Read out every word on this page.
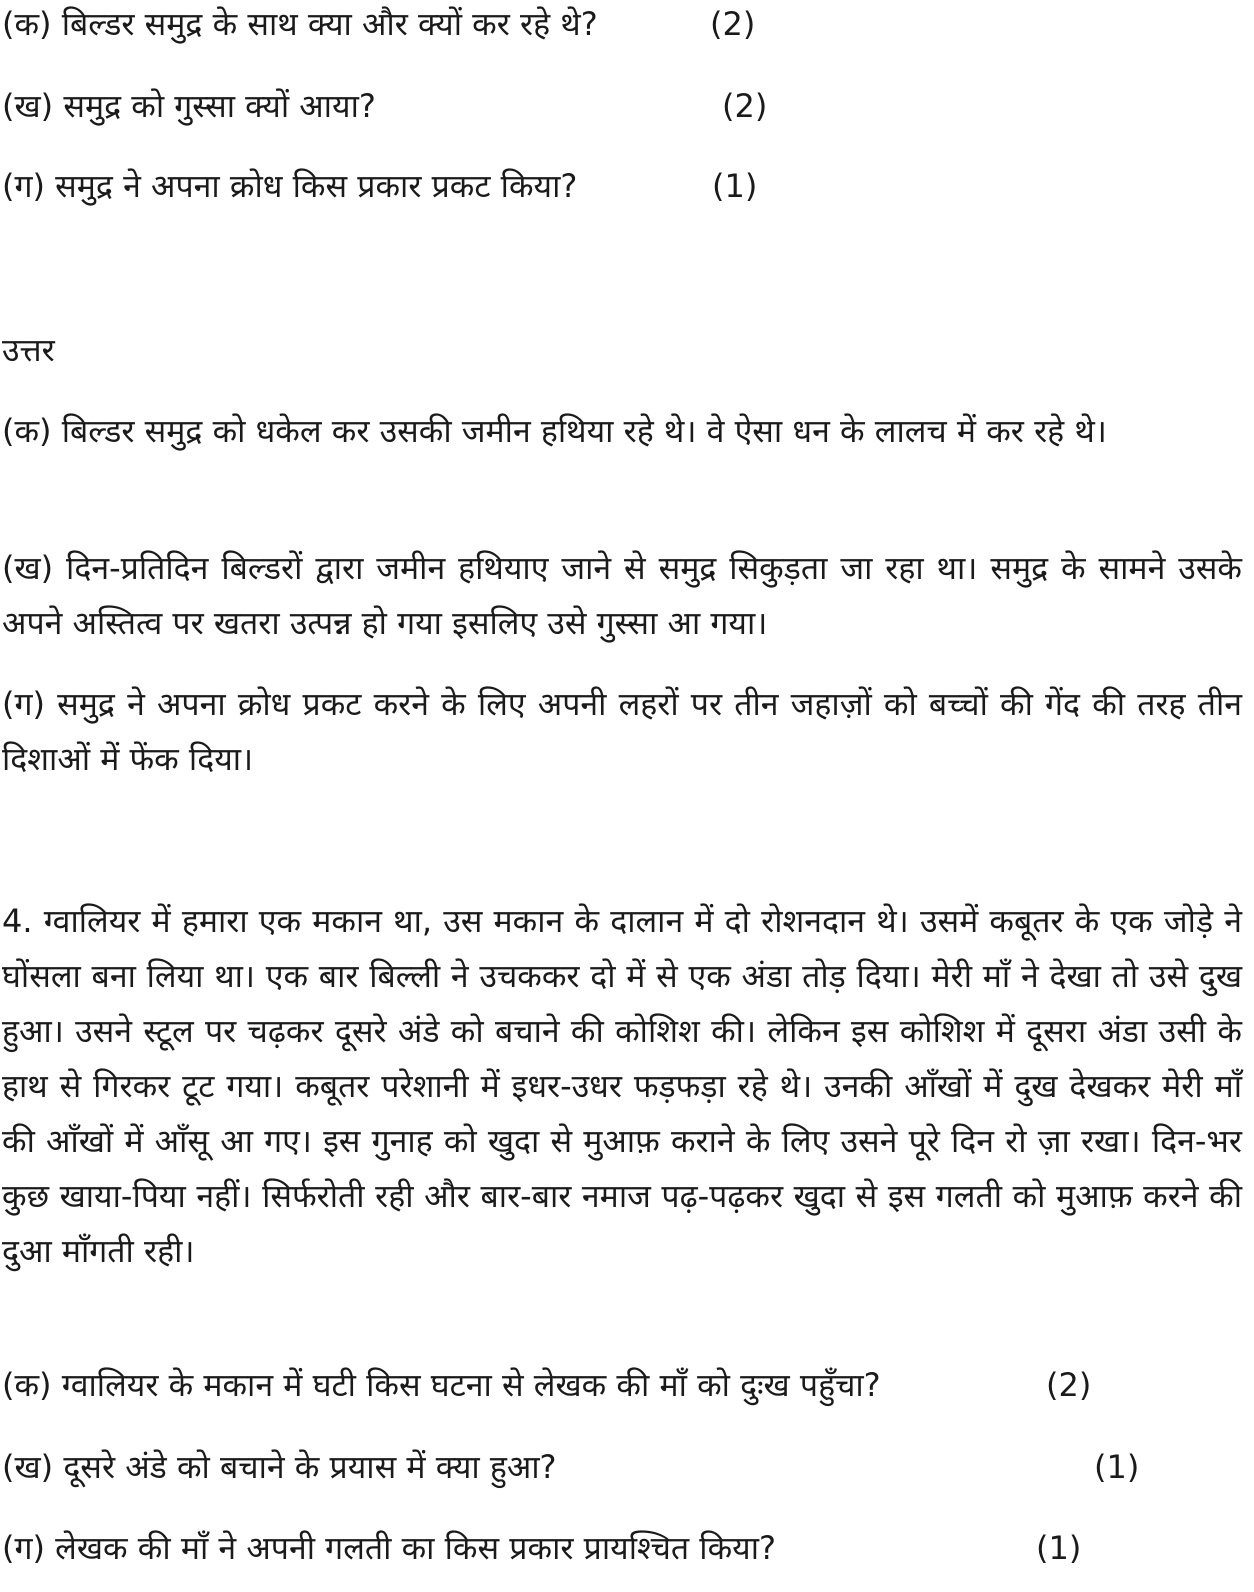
(क) बिल्डर समुद्र के साथ क्या और क्यों कर रहे थे?	(2)
(ख) समुद्र को गुस्सा क्यों आया?	(2)
(ग) समुद्र ने अपना क्रोध किस प्रकार प्रकट किया?	(1)
उत्तर
(क) बिल्डर समुद्र को धकेल कर उसकी जमीन हथिया रहे थे। वे ऐसा धन के लालच में कर रहे थे।
(ख) दिन-प्रतिदिन बिल्डरों द्वारा जमीन हथियाए जाने से समुद्र सिकुड़ता जा रहा था। समुद्र के सामने उसके अपने अस्तित्व पर खतरा उत्पन्न हो गया इसलिए उसे गुस्सा आ गया।
(ग) समुद्र ने अपना क्रोध प्रकट करने के लिए अपनी लहरों पर तीन जहाज़ों को बच्चों की गेंद की तरह तीन दिशाओं में फेंक दिया।
4. ग्वालियर में हमारा एक मकान था, उस मकान के दालान में दो रोशनदान थे। उसमें कबूतर के एक जोड़े ने घोंसला बना लिया था। एक बार बिल्ली ने उचककर दो में से एक अंडा तोड़ दिया। मेरी माँ ने देखा तो उसे दुख हुआ। उसने स्टूल पर चढ़कर दूसरे अंडे को बचाने की कोशिश की। लेकिन इस कोशिश में दूसरा अंडा उसी के हाथ से गिरकर टूट गया। कबूतर परेशानी में इधर-उधर फड़फड़ा रहे थे। उनकी आँखों में दुख देखकर मेरी माँ की आँखों में आँसू आ गए। इस गुनाह को खुदा से मुआफ़ कराने के लिए उसने पूरे दिन रो ज़ा रखा। दिन-भर कुछ खाया-पिया नहीं। सिर्फरोती रही और बार-बार नमाज पढ़-पढ़कर खुदा से इस गलती को मुआफ़ करने की दुआ माँगती रही।
(क) ग्वालियर के मकान में घटी किस घटना से लेखक की माँ को दुःख पहुँचा?	(2)
(ख) दूसरे अंडे को बचाने के प्रयास में क्या हुआ?	(1)
(ग) लेखक की माँ ने अपनी गलती का किस प्रकार प्रायश्चित किया?	(1)
